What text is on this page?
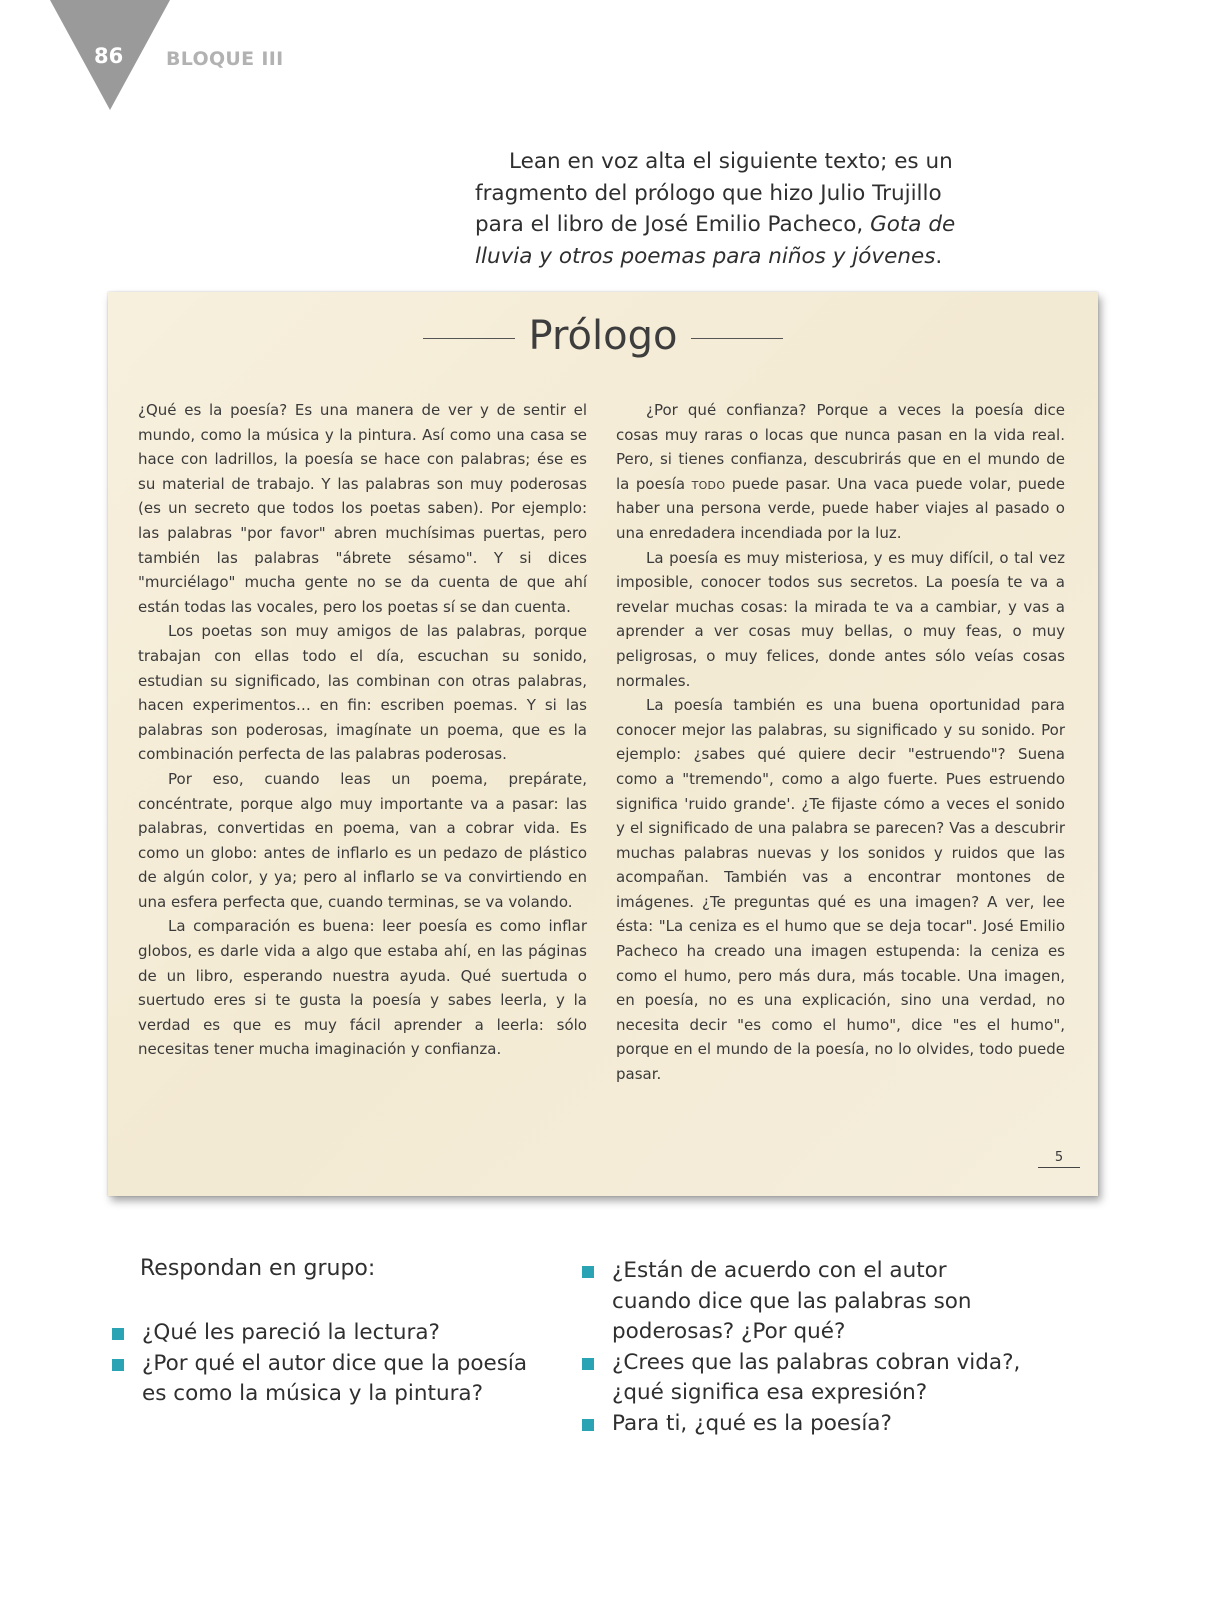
86 BLOQUE III

Lean en voz alta el siguiente texto; es un fragmento del prólogo que hizo Julio Trujillo para el libro de José Emilio Pacheco, Gota de lluvia y otros poemas para niños y jóvenes.

Prólogo

¿Qué es la poesía? Es una manera de ver y de sentir el mundo, como la música y la pintura. Así como una casa se hace con ladrillos, la poesía se hace con palabras; ése es su material de trabajo. Y las palabras son muy poderosas (es un secreto que todos los poetas saben). Por ejemplo: las palabras "por favor" abren muchísimas puertas, pero también las palabras "ábrete sésamo". Y si dices "murciélago" mucha gente no se da cuenta de que ahí están todas las vocales, pero los poetas sí se dan cuenta.

Los poetas son muy amigos de las palabras, porque trabajan con ellas todo el día, escuchan su sonido, estudian su significado, las combinan con otras palabras, hacen experimentos… en fin: escriben poemas. Y si las palabras son poderosas, imagínate un poema, que es la combinación perfecta de las palabras poderosas.

Por eso, cuando leas un poema, prepárate, concéntrate, porque algo muy importante va a pasar: las palabras, convertidas en poema, van a cobrar vida. Es como un globo: antes de inflarlo es un pedazo de plástico de algún color, y ya; pero al inflarlo se va convirtiendo en una esfera perfecta que, cuando terminas, se va volando.

La comparación es buena: leer poesía es como inflar globos, es darle vida a algo que estaba ahí, en las páginas de un libro, esperando nuestra ayuda. Qué suertuda o suertudo eres si te gusta la poesía y sabes leerla, y la verdad es que es muy fácil aprender a leerla: sólo necesitas tener mucha imaginación y confianza.

¿Por qué confianza? Porque a veces la poesía dice cosas muy raras o locas que nunca pasan en la vida real. Pero, si tienes confianza, descubrirás que en el mundo de la poesía todo puede pasar. Una vaca puede volar, puede haber una persona verde, puede haber viajes al pasado o una enredadera incendiada por la luz.

La poesía es muy misteriosa, y es muy difícil, o tal vez imposible, conocer todos sus secretos. La poesía te va a revelar muchas cosas: la mirada te va a cambiar, y vas a aprender a ver cosas muy bellas, o muy feas, o muy peligrosas, o muy felices, donde antes sólo veías cosas normales.

La poesía también es una buena oportunidad para conocer mejor las palabras, su significado y su sonido. Por ejemplo: ¿sabes qué quiere decir "estruendo"? Suena como a "tremendo", como a algo fuerte. Pues estruendo significa 'ruido grande'. ¿Te fijaste cómo a veces el sonido y el significado de una palabra se parecen? Vas a descubrir muchas palabras nuevas y los sonidos y ruidos que las acompañan. También vas a encontrar montones de imágenes. ¿Te preguntas qué es una imagen? A ver, lee ésta: "La ceniza es el humo que se deja tocar". José Emilio Pacheco ha creado una imagen estupenda: la ceniza es como el humo, pero más dura, más tocable. Una imagen, en poesía, no es una explicación, sino una verdad, no necesita decir "es como el humo", dice "es el humo", porque en el mundo de la poesía, no lo olvides, todo puede pasar.

5
Respondan en grupo:
¿Qué les pareció la lectura?
¿Por qué el autor dice que la poesía es como la música y la pintura?
¿Están de acuerdo con el autor cuando dice que las palabras son poderosas? ¿Por qué?
¿Crees que las palabras cobran vida?, ¿qué significa esa expresión?
Para ti, ¿qué es la poesía?
